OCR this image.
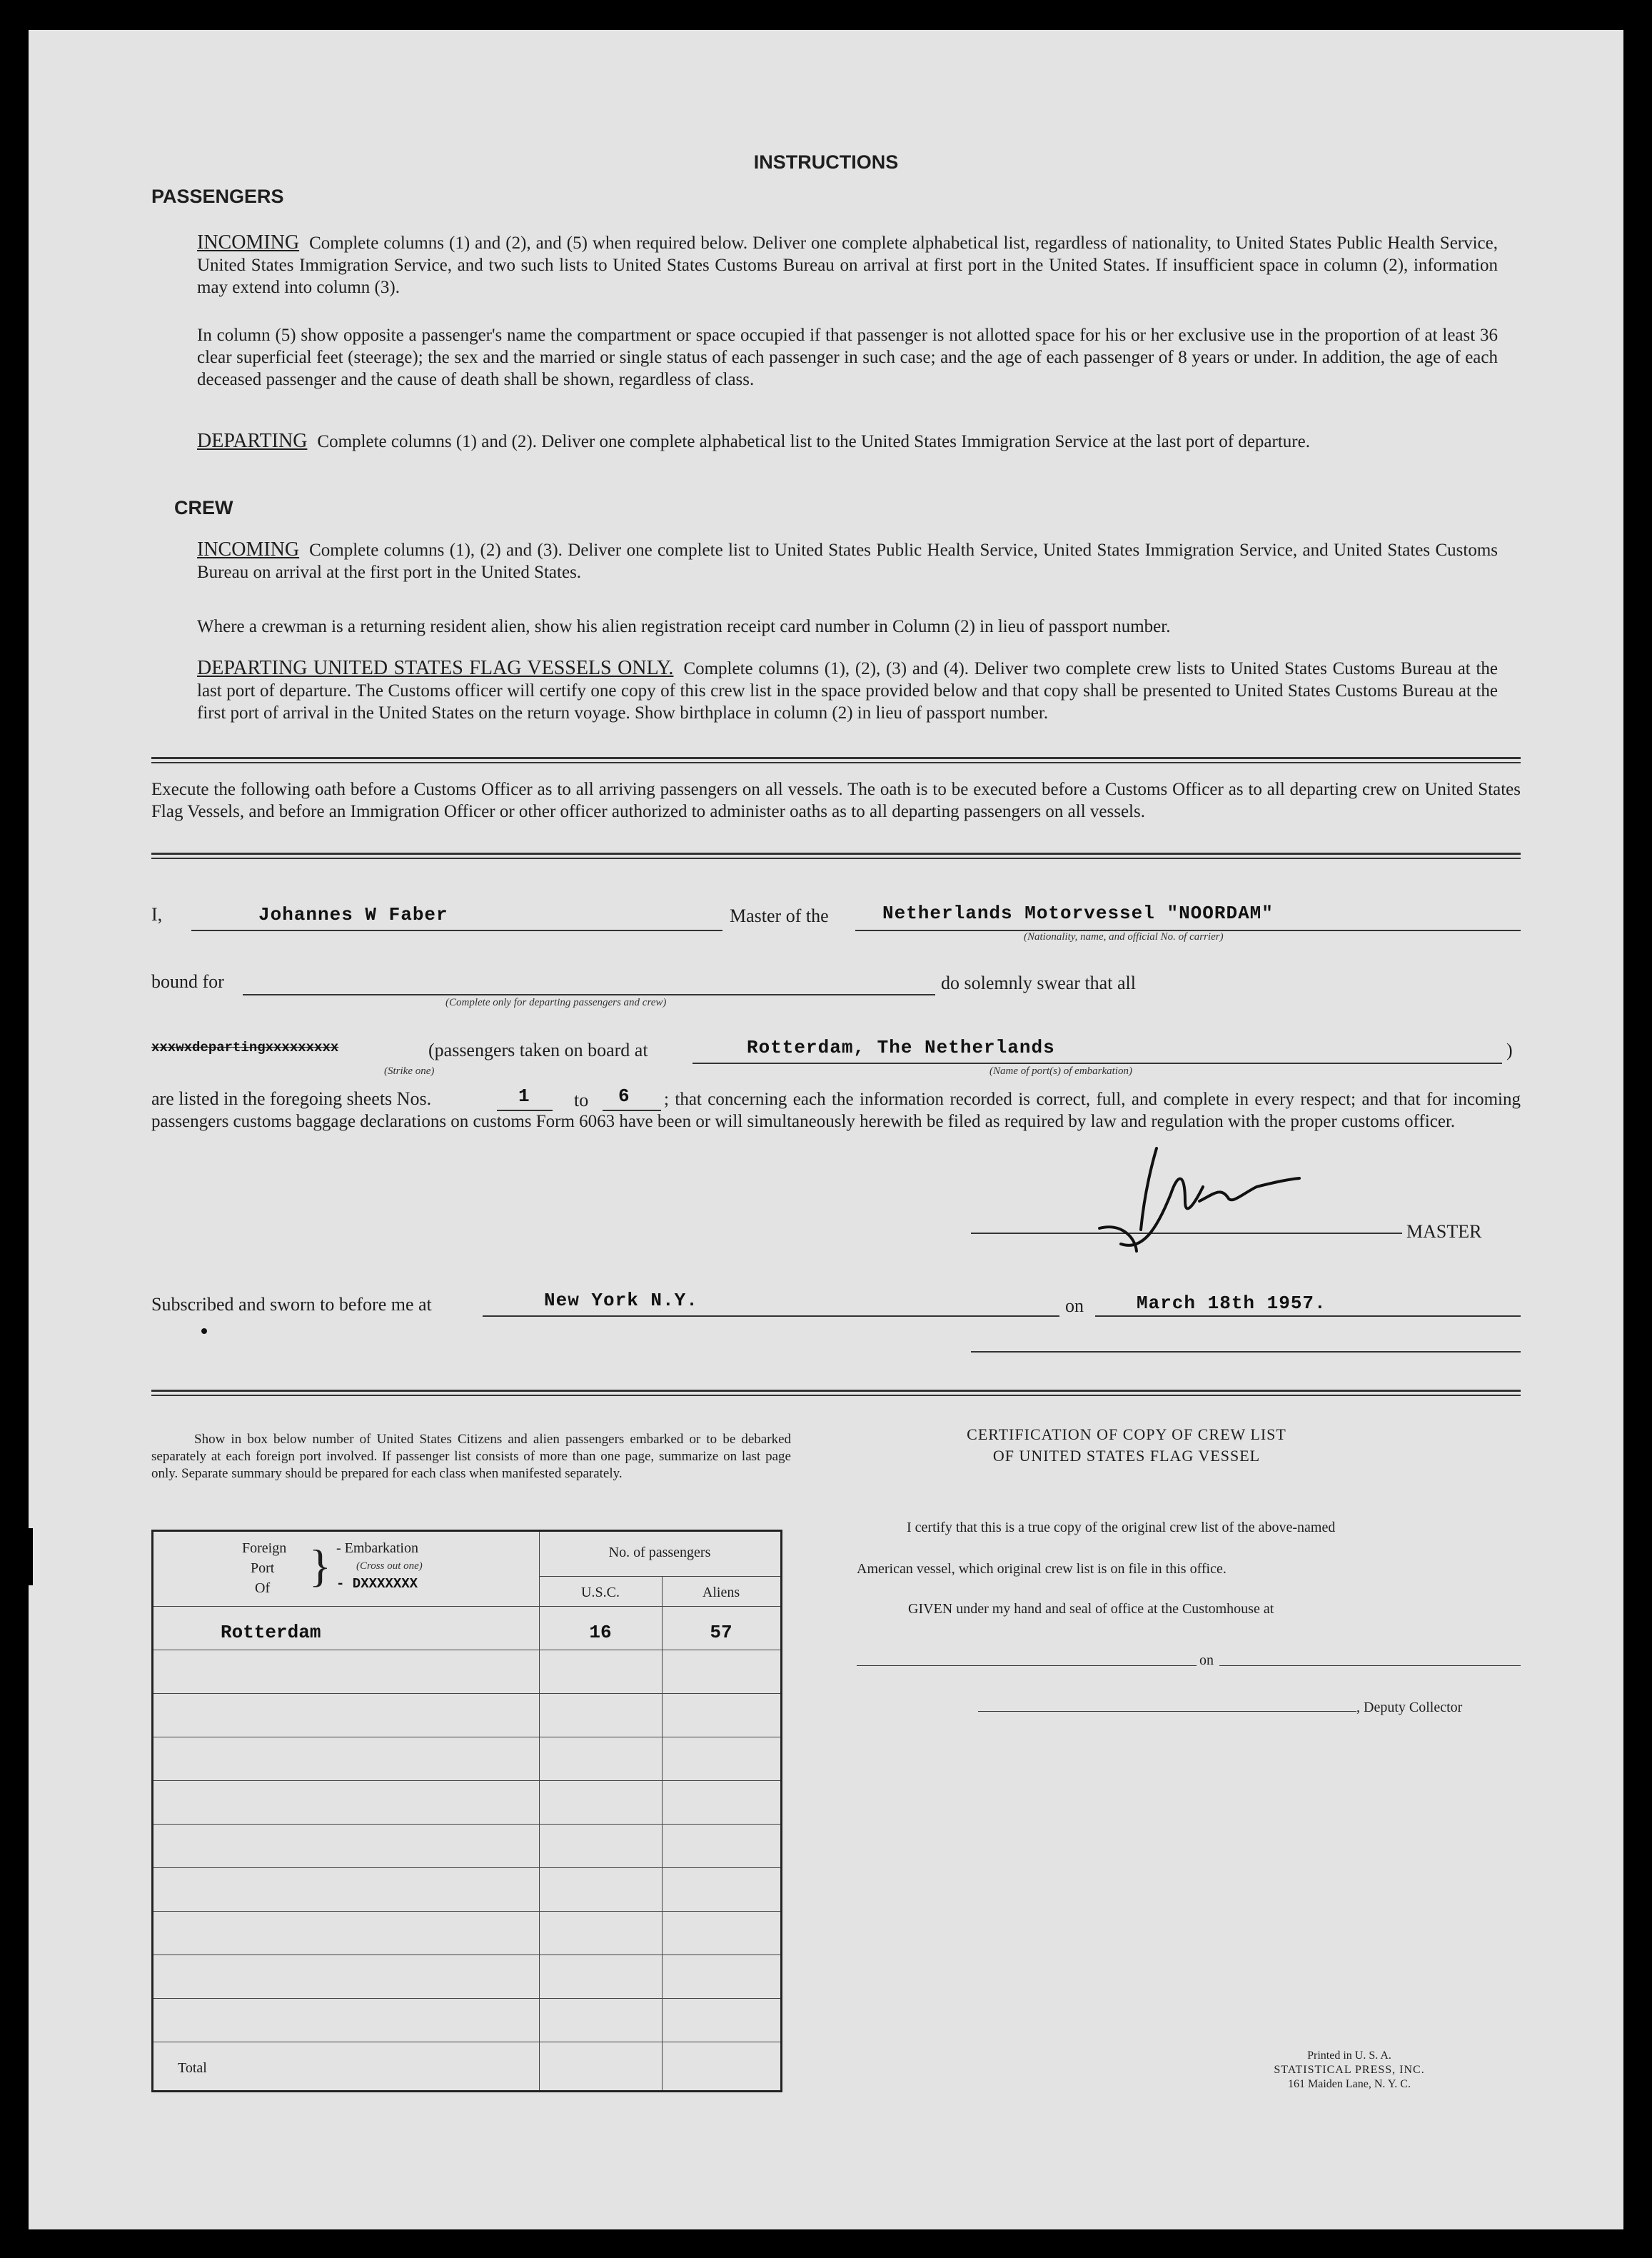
INSTRUCTIONS
PASSENGERS
INCOMING Complete columns (1) and (2), and (5) when required below. Deliver one complete alphabetical list, regardless of nationality, to United States Public Health Service, United States Immigration Service, and two such lists to United States Customs Bureau on arrival at first port in the United States. If insufficient space in column (2), information may extend into column (3).
In column (5) show opposite a passenger's name the compartment or space occupied if that passenger is not allotted space for his or her exclusive use in the proportion of at least 36 clear superficial feet (steerage); the sex and the married or single status of each passenger in such case; and the age of each passenger of 8 years or under. In addition, the age of each deceased passenger and the cause of death shall be shown, regardless of class.
DEPARTING Complete columns (1) and (2). Deliver one complete alphabetical list to the United States Immigration Service at the last port of departure.
CREW
INCOMING Complete columns (1), (2) and (3). Deliver one complete list to United States Public Health Service, United States Immigration Service, and United States Customs Bureau on arrival at the first port in the United States.
Where a crewman is a returning resident alien, show his alien registration receipt card number in Column (2) in lieu of passport number.
DEPARTING UNITED STATES FLAG VESSELS ONLY. Complete columns (1), (2), (3) and (4). Deliver two complete crew lists to United States Customs Bureau at the last port of departure. The Customs officer will certify one copy of this crew list in the space provided below and that copy shall be presented to United States Customs Bureau at the first port of arrival in the United States on the return voyage. Show birthplace in column (2) in lieu of passport number.
Execute the following oath before a Customs Officer as to all arriving passengers on all vessels. The oath is to be executed before a Customs Officer as to all departing crew on United States Flag Vessels, and before an Immigration Officer or other officer authorized to administer oaths as to all departing passengers on all vessels.
I,	Johannes W Faber	Master of the	Netherlands Motorvessel "NOORDAM"
(Nationality, name, and official No. of carrier)
bound for
(Complete only for departing passengers and crew)
do solemnly swear that all
xxxwxdepartingxxxxxxxxx
(Strike one)
(passengers taken on board at	Rotterdam, The Netherlands
(Name of port(s) of embarkation)
)
are listed in the foregoing sheets Nos.	1 to 6	; that concerning each the information recorded is correct, full, and complete in every respect; and that for incoming passengers customs baggage declarations on customs Form 6063 have been or will simultaneously herewith be filed as required by law and regulation with the proper customs officer.
MASTER
Subscribed and sworn to before me at	New York N.Y.	on	March 18th 1957.
Show in box below number of United States Citizens and alien passengers embarked or to be debarked separately at each foreign port involved. If passenger list consists of more than one page, summarize on last page only. Separate summary should be prepared for each class when manifested separately.
Foreign
Port
Of } - Embarkation
(Cross out one)
- DXXXXXXX
No. of passengers
U.S.C.	Aliens
Rotterdam	16	57
Total
CERTIFICATION OF COPY OF CREW LIST
OF UNITED STATES FLAG VESSEL
I certify that this is a true copy of the original crew list of the above-named
American vessel, which original crew list is on file in this office.
GIVEN under my hand and seal of office at the Customhouse at
on
, Deputy Collector
Printed in U. S. A.
STATISTICAL PRESS, INC.
161 Maiden Lane, N. Y. C.
